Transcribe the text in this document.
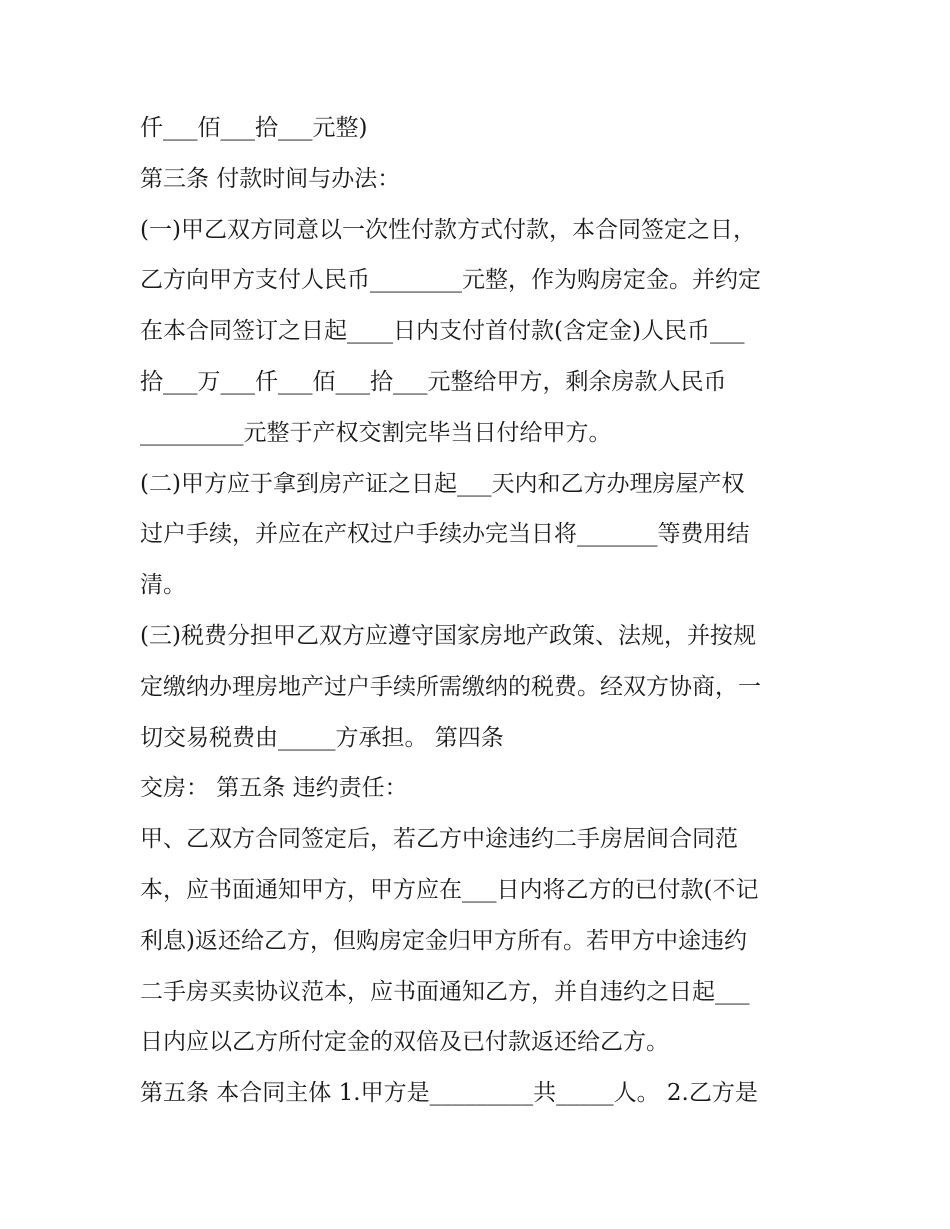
仟___佰___拾___元整)
第三条 付款时间与办法：
(一)甲乙双方同意以一次性付款方式付款，本合同签定之日，
乙方向甲方支付人民币________元整，作为购房定金。并约定
在本合同签订之日起____日内支付首付款(含定金)人民币___
拾___万___仟___佰___拾___元整给甲方，剩余房款人民币
_________元整于产权交割完毕当日付给甲方。
(二)甲方应于拿到房产证之日起___天内和乙方办理房屋产权
过户手续，并应在产权过户手续办完当日将_______等费用结
清。
(三)税费分担甲乙双方应遵守国家房地产政策、法规，并按规
定缴纳办理房地产过户手续所需缴纳的税费。经双方协商，一
切交易税费由_____方承担。 第四条
交房： 第五条 违约责任：
甲、乙双方合同签定后，若乙方中途违约二手房居间合同范
本，应书面通知甲方，甲方应在___日内将乙方的已付款(不记
利息)返还给乙方，但购房定金归甲方所有。若甲方中途违约
二手房买卖协议范本，应书面通知乙方，并自违约之日起___
日内应以乙方所付定金的双倍及已付款返还给乙方。
第五条 本合同主体 1.甲方是_________共_____人。 2.乙方是
